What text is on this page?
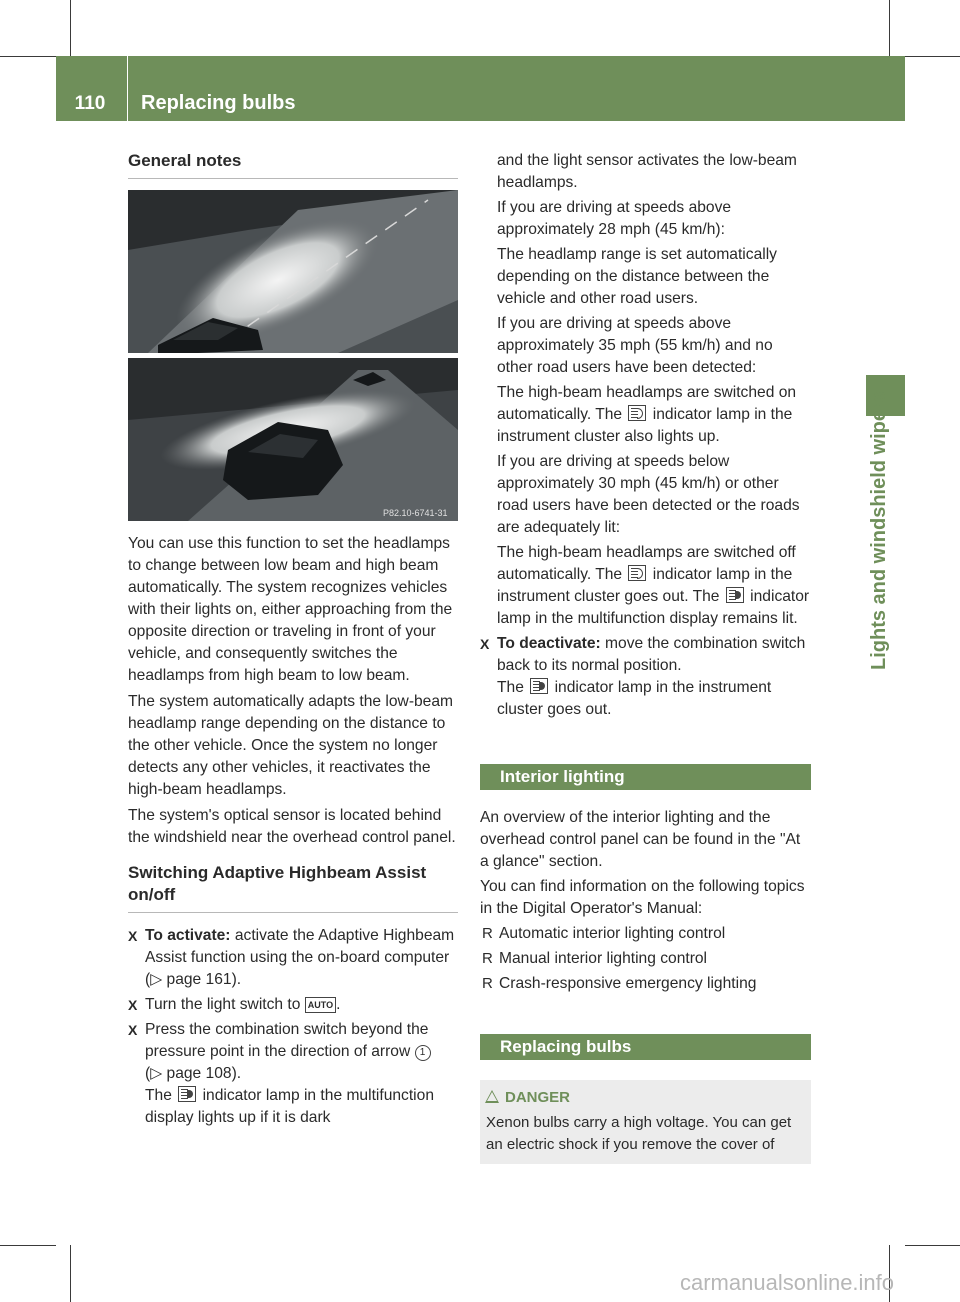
110	Replacing bulbs
Lights and windshield wipers
General notes
P82.10-6741-31

You can use this function to set the headlamps to change between low beam and high beam automatically. The system recognizes vehicles with their lights on, either approaching from the opposite direction or traveling in front of your vehicle, and consequently switches the headlamps from high beam to low beam.

The system automatically adapts the low-beam headlamp range depending on the distance to the other vehicle. Once the system no longer detects any other vehicles, it reactivates the high-beam headlamps.

The system's optical sensor is located behind the windshield near the overhead control panel.

Switching Adaptive Highbeam Assist on/off
X To activate: activate the Adaptive Highbeam Assist function using the on-board computer (▷ page 161).
X Turn the light switch to AUTO .
X Press the combination switch beyond the pressure point in the direction of arrow 1
(▷ page 108).
The indicator lamp in the multifunction display lights up if it is dark

and the light sensor activates the low-beam headlamps.

If you are driving at speeds above approximately 28 mph (45 km/h):

The headlamp range is set automatically depending on the distance between the vehicle and other road users.

If you are driving at speeds above approximately 35 mph (55 km/h) and no other road users have been detected:

The high-beam headlamps are switched on automatically. The indicator lamp in the instrument cluster also lights up.

If you are driving at speeds below approximately 30 mph (45 km/h) or other road users have been detected or the roads are adequately lit:

The high-beam headlamps are switched off automatically. The indicator lamp in the instrument cluster goes out. The indicator lamp in the multifunction display remains lit.

X To deactivate: move the combination switch back to its normal position.
The indicator lamp in the instrument cluster goes out.
Interior lighting

An overview of the interior lighting and the overhead control panel can be found in the "At a glance" section.

You can find information on the following topics in the Digital Operator's Manual:

R Automatic interior lighting control
R Manual interior lighting control
R Crash-responsive emergency lighting
Replacing bulbs
DANGER
Xenon bulbs carry a high voltage. You can get an electric shock if you remove the cover of
carmanualsonline.info
